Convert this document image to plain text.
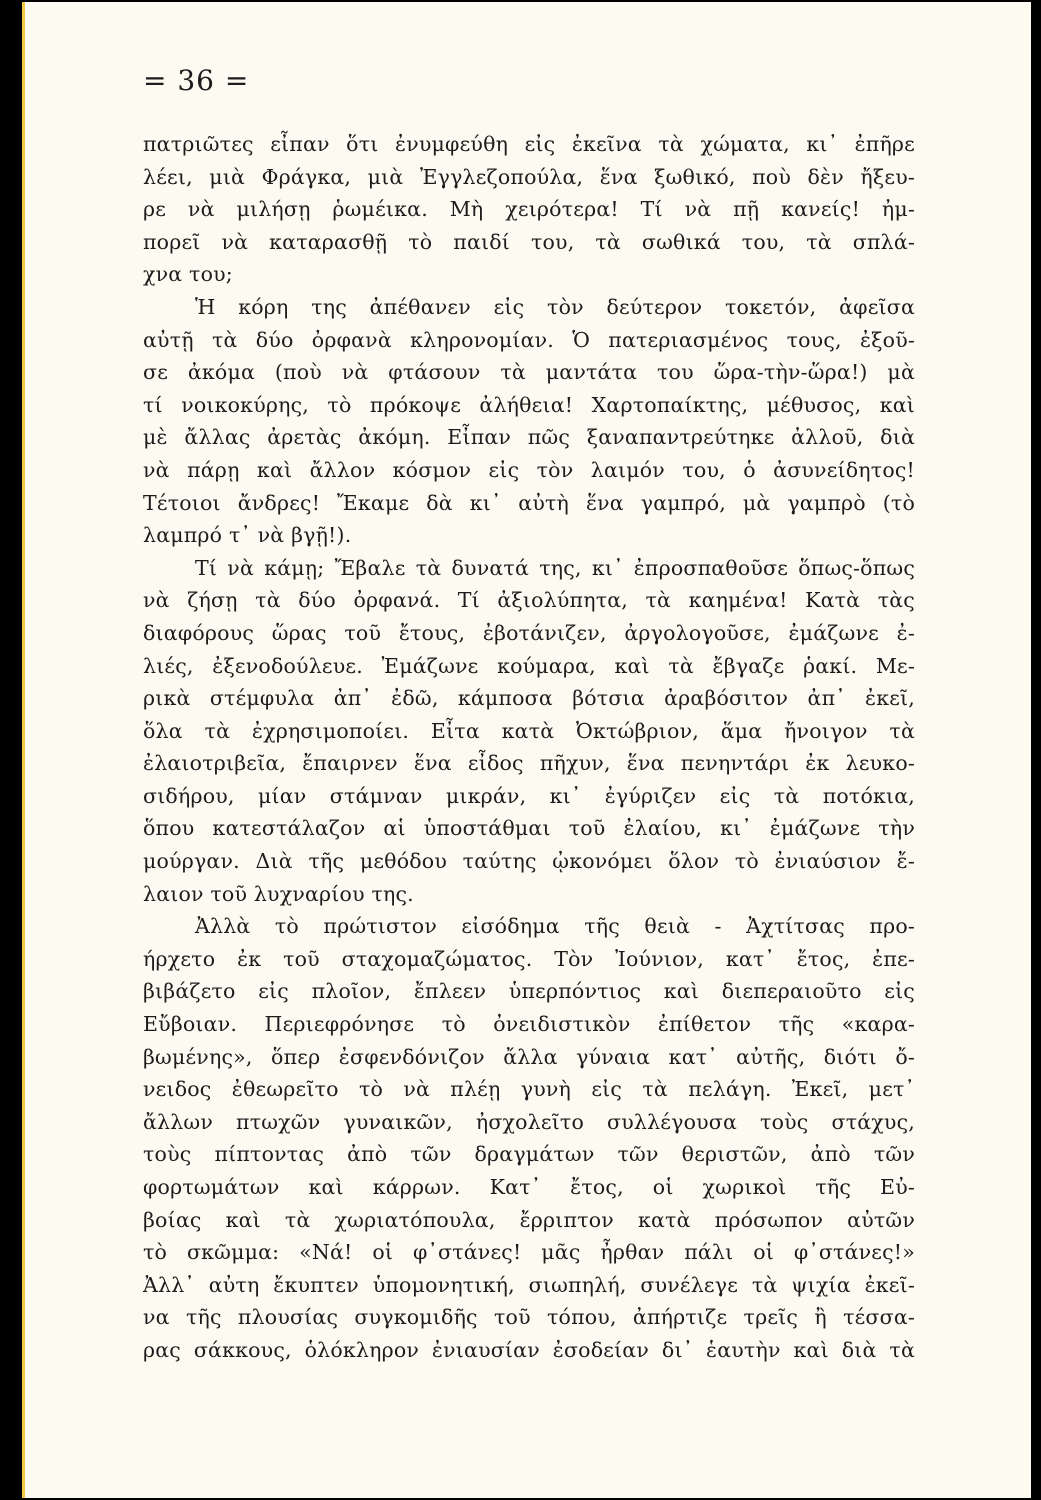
= 36 =
πατριῶτες εἶπαν ὅτι ἐνυμφεύθη εἰς ἐκεῖνα τὰ χώματα, κι᾽ ἐπῆρε
λέει, μιὰ Φράγκα, μιὰ Ἐγγλεζοπούλα, ἕνα ξωθικό, ποὺ δὲν ἤξευ-
ρε νὰ μιλήσῃ ῥωμέικα. Μὴ χειρότερα! Τί νὰ πῇ κανείς! ἠμ-
πορεῖ νὰ καταρασθῇ τὸ παιδί του, τὰ σωθικά του, τὰ σπλά-
χνα του;
Ἡ κόρη της ἀπέθανεν εἰς τὸν δεύτερον τοκετόν, ἀφεῖσα
αὐτῇ τὰ δύο ὀρφανὰ κληρονομίαν. Ὁ πατεριασμένος τους, ἐξοῦ-
σε ἀκόμα (ποὺ νὰ φτάσουν τὰ μαντάτα του ὥρα-τὴν-ὥρα!) μὰ
τί νοικοκύρης, τὸ πρόκοψε ἀλήθεια! Χαρτοπαίκτης, μέθυσος, καὶ
μὲ ἄλλας ἀρετὰς ἀκόμη. Εἶπαν πῶς ξαναπαντρεύτηκε ἀλλοῦ, διὰ
νὰ πάρῃ καὶ ἄλλον κόσμον εἰς τὸν λαιμόν του, ὁ ἀσυνείδητος!
Τέτοιοι ἄνδρες! Ἔκαμε δὰ κι᾽ αὐτὴ ἕνα γαμπρό, μὰ γαμπρὸ (τὸ
λαμπρό τ᾽ νὰ βγῇ!).
Τί νὰ κάμῃ; Ἔβαλε τὰ δυνατά της, κι᾽ ἐπροσπαθοῦσε ὅπως-ὅπως
νὰ ζήσῃ τὰ δύο ὀρφανά. Τί ἀξιολύπητα, τὰ καημένα! Κατὰ τὰς
διαφόρους ὥρας τοῦ ἔτους, ἐβοτάνιζεν, ἀργολογοῦσε, ἐμάζωνε ἐ-
λιές, ἐξενοδούλευε. Ἐμάζωνε κούμαρα, καὶ τὰ ἔβγαζε ῥακί. Με-
ρικὰ στέμφυλα ἀπ᾽ ἐδῶ, κάμποσα βότσια ἀραβόσιτον ἀπ᾽ ἐκεῖ,
ὅλα τὰ ἐχρησιμοποίει. Εἶτα κατὰ Ὀκτώβριον, ἅμα ἤνοιγον τὰ
ἐλαιοτριβεῖα, ἔπαιρνεν ἕνα εἶδος πῆχυν, ἕνα πενηντάρι ἐκ λευκο-
σιδήρου, μίαν στάμναν μικράν, κι᾽ ἐγύριζεν εἰς τὰ ποτόκια,
ὅπου κατεστάλαζον αἱ ὑποστάθμαι τοῦ ἐλαίου, κι᾽ ἐμάζωνε τὴν
μούργαν. Διὰ τῆς μεθόδου ταύτης ᾠκονόμει ὅλον τὸ ἐνιαύσιον ἔ-
λαιον τοῦ λυχναρίου της.
Ἀλλὰ τὸ πρώτιστον εἰσόδημα τῆς θειὰ - Ἀχτίτσας προ-
ήρχετο ἐκ τοῦ σταχομαζώματος. Τὸν Ἰούνιον, κατ᾽ ἔτος, ἐπε-
βιβάζετο εἰς πλοῖον, ἔπλεεν ὑπερπόντιος καὶ διεπεραιοῦτο εἰς
Εὔβοιαν. Περιεφρόνησε τὸ ὀνειδιστικὸν ἐπίθετον τῆς «καρα-
βωμένης», ὅπερ ἐσφενδόνιζον ἄλλα γύναια κατ᾽ αὐτῆς, διότι ὄ-
νειδος ἐθεωρεῖτο τὸ νὰ πλέῃ γυνὴ εἰς τὰ πελάγη. Ἐκεῖ, μετ᾽
ἄλλων πτωχῶν γυναικῶν, ἠσχολεῖτο συλλέγουσα τοὺς στάχυς,
τοὺς πίπτοντας ἀπὸ τῶν δραγμάτων τῶν θεριστῶν, ἀπὸ τῶν
φορτωμάτων καὶ κάρρων. Κατ᾽ ἔτος, οἱ χωρικοὶ τῆς Εὐ-
βοίας καὶ τὰ χωριατόπουλα, ἔρριπτον κατὰ πρόσωπον αὐτῶν
τὸ σκῶμμα: «Νά! οἱ φ᾽στάνες! μᾶς ἦρθαν πάλι οἱ φ᾽στάνες!»
Ἀλλ᾽ αὐτη ἔκυπτεν ὑπομονητική, σιωπηλή, συνέλεγε τὰ ψιχία ἐκεῖ-
να τῆς πλουσίας συγκομιδῆς τοῦ τόπου, ἀπήρτιζε τρεῖς ἢ τέσσα-
ρας σάκκους, ὁλόκληρον ἐνιαυσίαν ἐσοδείαν δι᾽ ἑαυτὴν καὶ διὰ τὰ
